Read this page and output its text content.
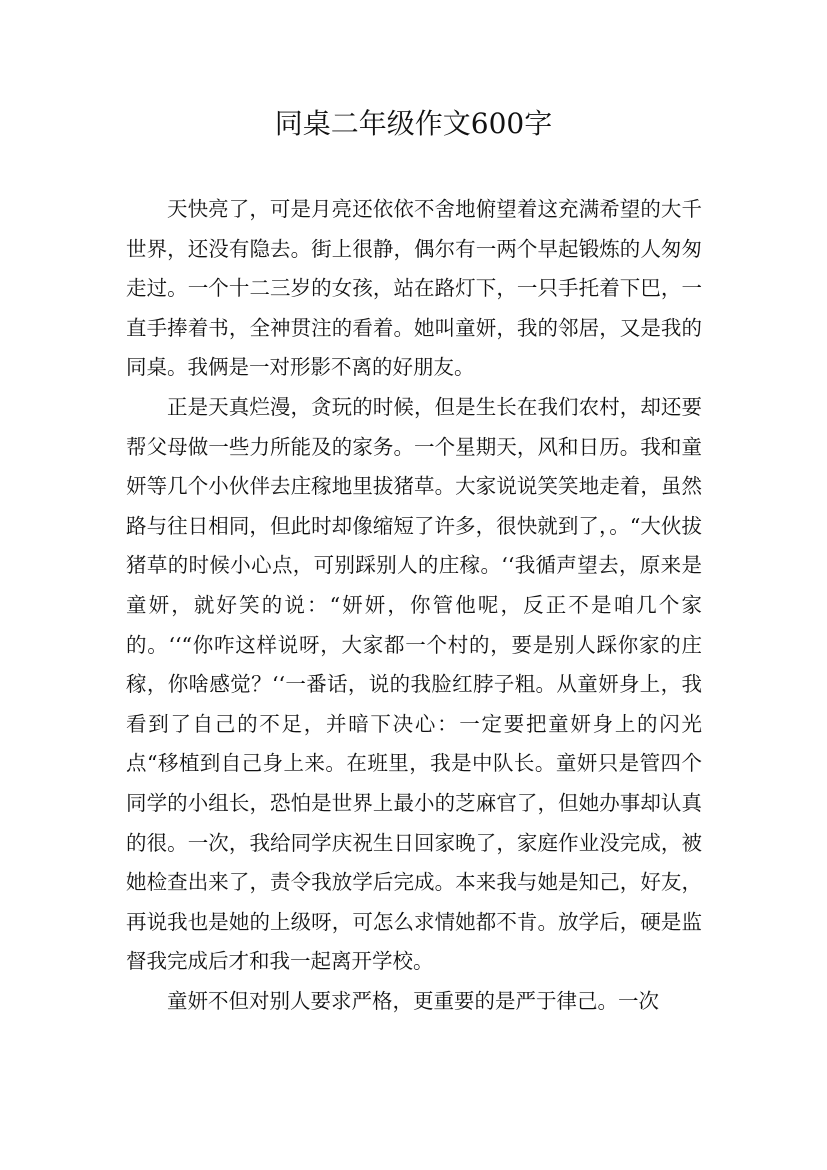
同桌二年级作文600字

天快亮了，可是月亮还依依不舍地俯望着这充满希望的大千世界，还没有隐去。街上很静，偶尔有一两个早起锻炼的人匆匆走过。一个十二三岁的女孩，站在路灯下，一只手托着下巴，一直手捧着书，全神贯注的看着。她叫童妍，我的邻居，又是我的同桌。我俩是一对形影不离的好朋友。

正是天真烂漫，贪玩的时候，但是生长在我们农村，却还要帮父母做一些力所能及的家务。一个星期天，风和日历。我和童妍等几个小伙伴去庄稼地里拔猪草。大家说说笑笑地走着，虽然路与往日相同，但此时却像缩短了许多，很快就到了，。“大伙拔猪草的时候小心点，可别踩别人的庄稼。‘‘我循声望去，原来是童妍，就好笑的说：“妍妍，你管他呢，反正不是咱几个家的。‘‘“你咋这样说呀，大家都一个村的，要是别人踩你家的庄稼，你啥感觉？‘‘一番话，说的我脸红脖子粗。从童妍身上，我看到了自己的不足，并暗下决心：一定要把童妍身上的闪光点“移植到自己身上来。在班里，我是中队长。童妍只是管四个同学的小组长，恐怕是世界上最小的芝麻官了，但她办事却认真的很。一次，我给同学庆祝生日回家晚了，家庭作业没完成，被她检查出来了，责令我放学后完成。本来我与她是知己，好友，再说我也是她的上级呀，可怎么求情她都不肯。放学后，硬是监督我完成后才和我一起离开学校。

童妍不但对别人要求严格，更重要的是严于律己。一次
